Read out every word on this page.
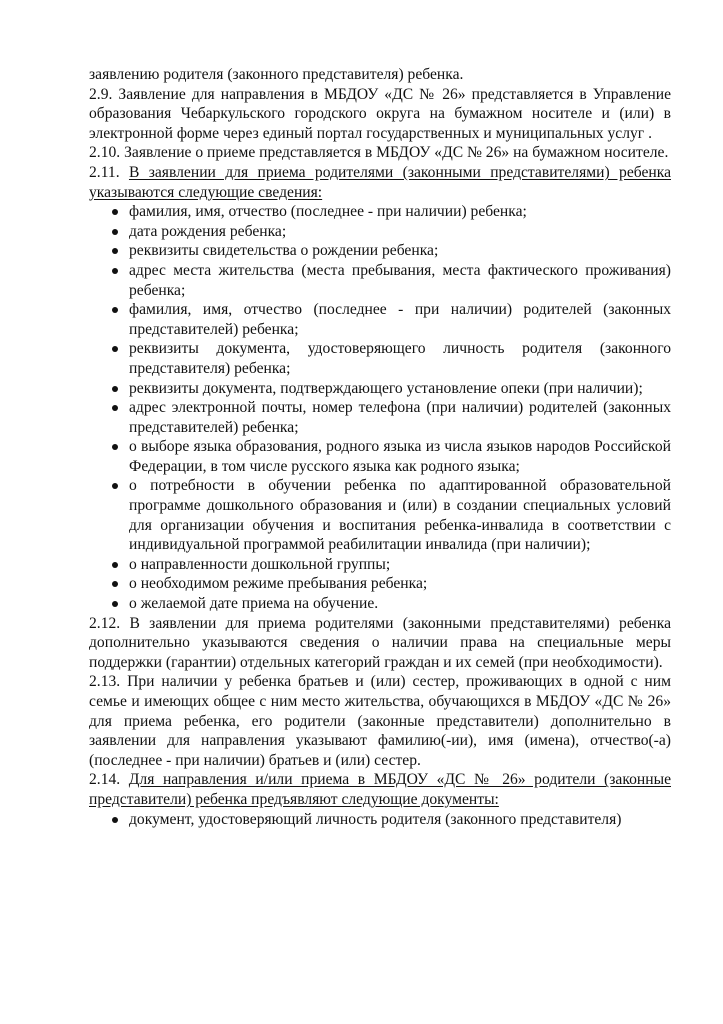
заявлению родителя (законного представителя) ребенка.

2.9. Заявление для направления в МБДОУ «ДС № 26» представляется в Управление образования Чебаркульского городского округа на бумажном носителе и (или) в электронной форме через единый портал государственных и муниципальных услуг .

2.10. Заявление о приеме представляется в МБДОУ «ДС № 26» на бумажном носителе.

2.11. В заявлении для приема родителями (законными представителями) ребенка указываются следующие сведения:

фамилия, имя, отчество (последнее - при наличии) ребенка;
дата рождения ребенка;
реквизиты свидетельства о рождении ребенка;
адрес места жительства (места пребывания, места фактического проживания) ребенка;
фамилия, имя, отчество (последнее - при наличии) родителей (законных представителей) ребенка;
реквизиты документа, удостоверяющего личность родителя (законного представителя) ребенка;
реквизиты документа, подтверждающего установление опеки (при наличии);
адрес электронной почты, номер телефона (при наличии) родителей (законных представителей) ребенка;
о выборе языка образования, родного языка из числа языков народов Российской Федерации, в том числе русского языка как родного языка;
о потребности в обучении ребенка по адаптированной образовательной программе дошкольного образования и (или) в создании специальных условий для организации обучения и воспитания ребенка-инвалида в соответствии с индивидуальной программой реабилитации инвалида (при наличии);
о направленности дошкольной группы;
о необходимом режиме пребывания ребенка;
о желаемой дате приема на обучение.

2.12. В заявлении для приема родителями (законными представителями) ребенка дополнительно указываются сведения о наличии права на специальные меры поддержки (гарантии) отдельных категорий граждан и их семей (при необходимости).

2.13. При наличии у ребенка братьев и (или) сестер, проживающих в одной с ним семье и имеющих общее с ним место жительства, обучающихся в МБДОУ «ДС № 26» для приема ребенка, его родители (законные представители) дополнительно в заявлении для направления указывают фамилию(-ии), имя (имена), отчество(-а) (последнее - при наличии) братьев и (или) сестер.

2.14. Для направления и/или приема в МБДОУ «ДС № 26» родители (законные представители) ребенка предъявляют следующие документы:

документ, удостоверяющий личность родителя (законного представителя)
